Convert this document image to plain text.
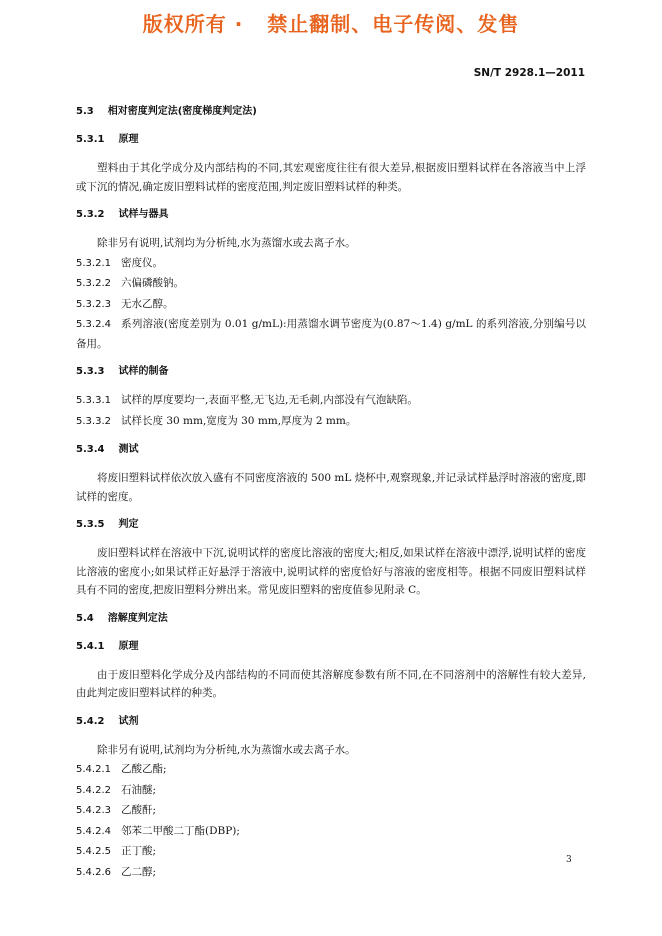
版权所有 ·   禁止翻制、电子传阅、发售
SN/T 2928.1—2011
5.3 相对密度判定法(密度梯度判定法)
5.3.1 原理
塑料由于其化学成分及内部结构的不同,其宏观密度往往有很大差异,根据废旧塑料试样在各溶液当中上浮或下沉的情况,确定废旧塑料试样的密度范围,判定废旧塑料试样的种类。
5.3.2 试样与器具
除非另有说明,试剂均为分析纯,水为蒸馏水或去离子水。
5.3.2.1 密度仪。
5.3.2.2 六偏磷酸钠。
5.3.2.3 无水乙醇。
5.3.2.4 系列溶液(密度差别为 0.01 g/mL):用蒸馏水调节密度为(0.87～1.4) g/mL 的系列溶液,分别编号以备用。
5.3.3 试样的制备
5.3.3.1 试样的厚度要均一,表面平整,无飞边,无毛刺,内部没有气泡缺陷。
5.3.3.2 试样长度 30 mm,宽度为 30 mm,厚度为 2 mm。
5.3.4 测试
将废旧塑料试样依次放入盛有不同密度溶液的 500 mL 烧杯中,观察现象,并记录试样悬浮时溶液的密度,即试样的密度。
5.3.5 判定
废旧塑料试样在溶液中下沉,说明试样的密度比溶液的密度大;相反,如果试样在溶液中漂浮,说明试样的密度比溶液的密度小;如果试样正好悬浮于溶液中,说明试样的密度恰好与溶液的密度相等。根据不同废旧塑料试样具有不同的密度,把废旧塑料分辨出来。常见废旧塑料的密度值参见附录 C。
5.4 溶解度判定法
5.4.1 原理
由于废旧塑料化学成分及内部结构的不同而使其溶解度参数有所不同,在不同溶剂中的溶解性有较大差异,由此判定废旧塑料试样的种类。
5.4.2 试剂
除非另有说明,试剂均为分析纯,水为蒸馏水或去离子水。
5.4.2.1 乙酸乙酯;
5.4.2.2 石油醚;
5.4.2.3 乙酸酐;
5.4.2.4 邻苯二甲酸二丁酯(DBP);
5.4.2.5 正丁酸;
5.4.2.6 乙二醇;
3
